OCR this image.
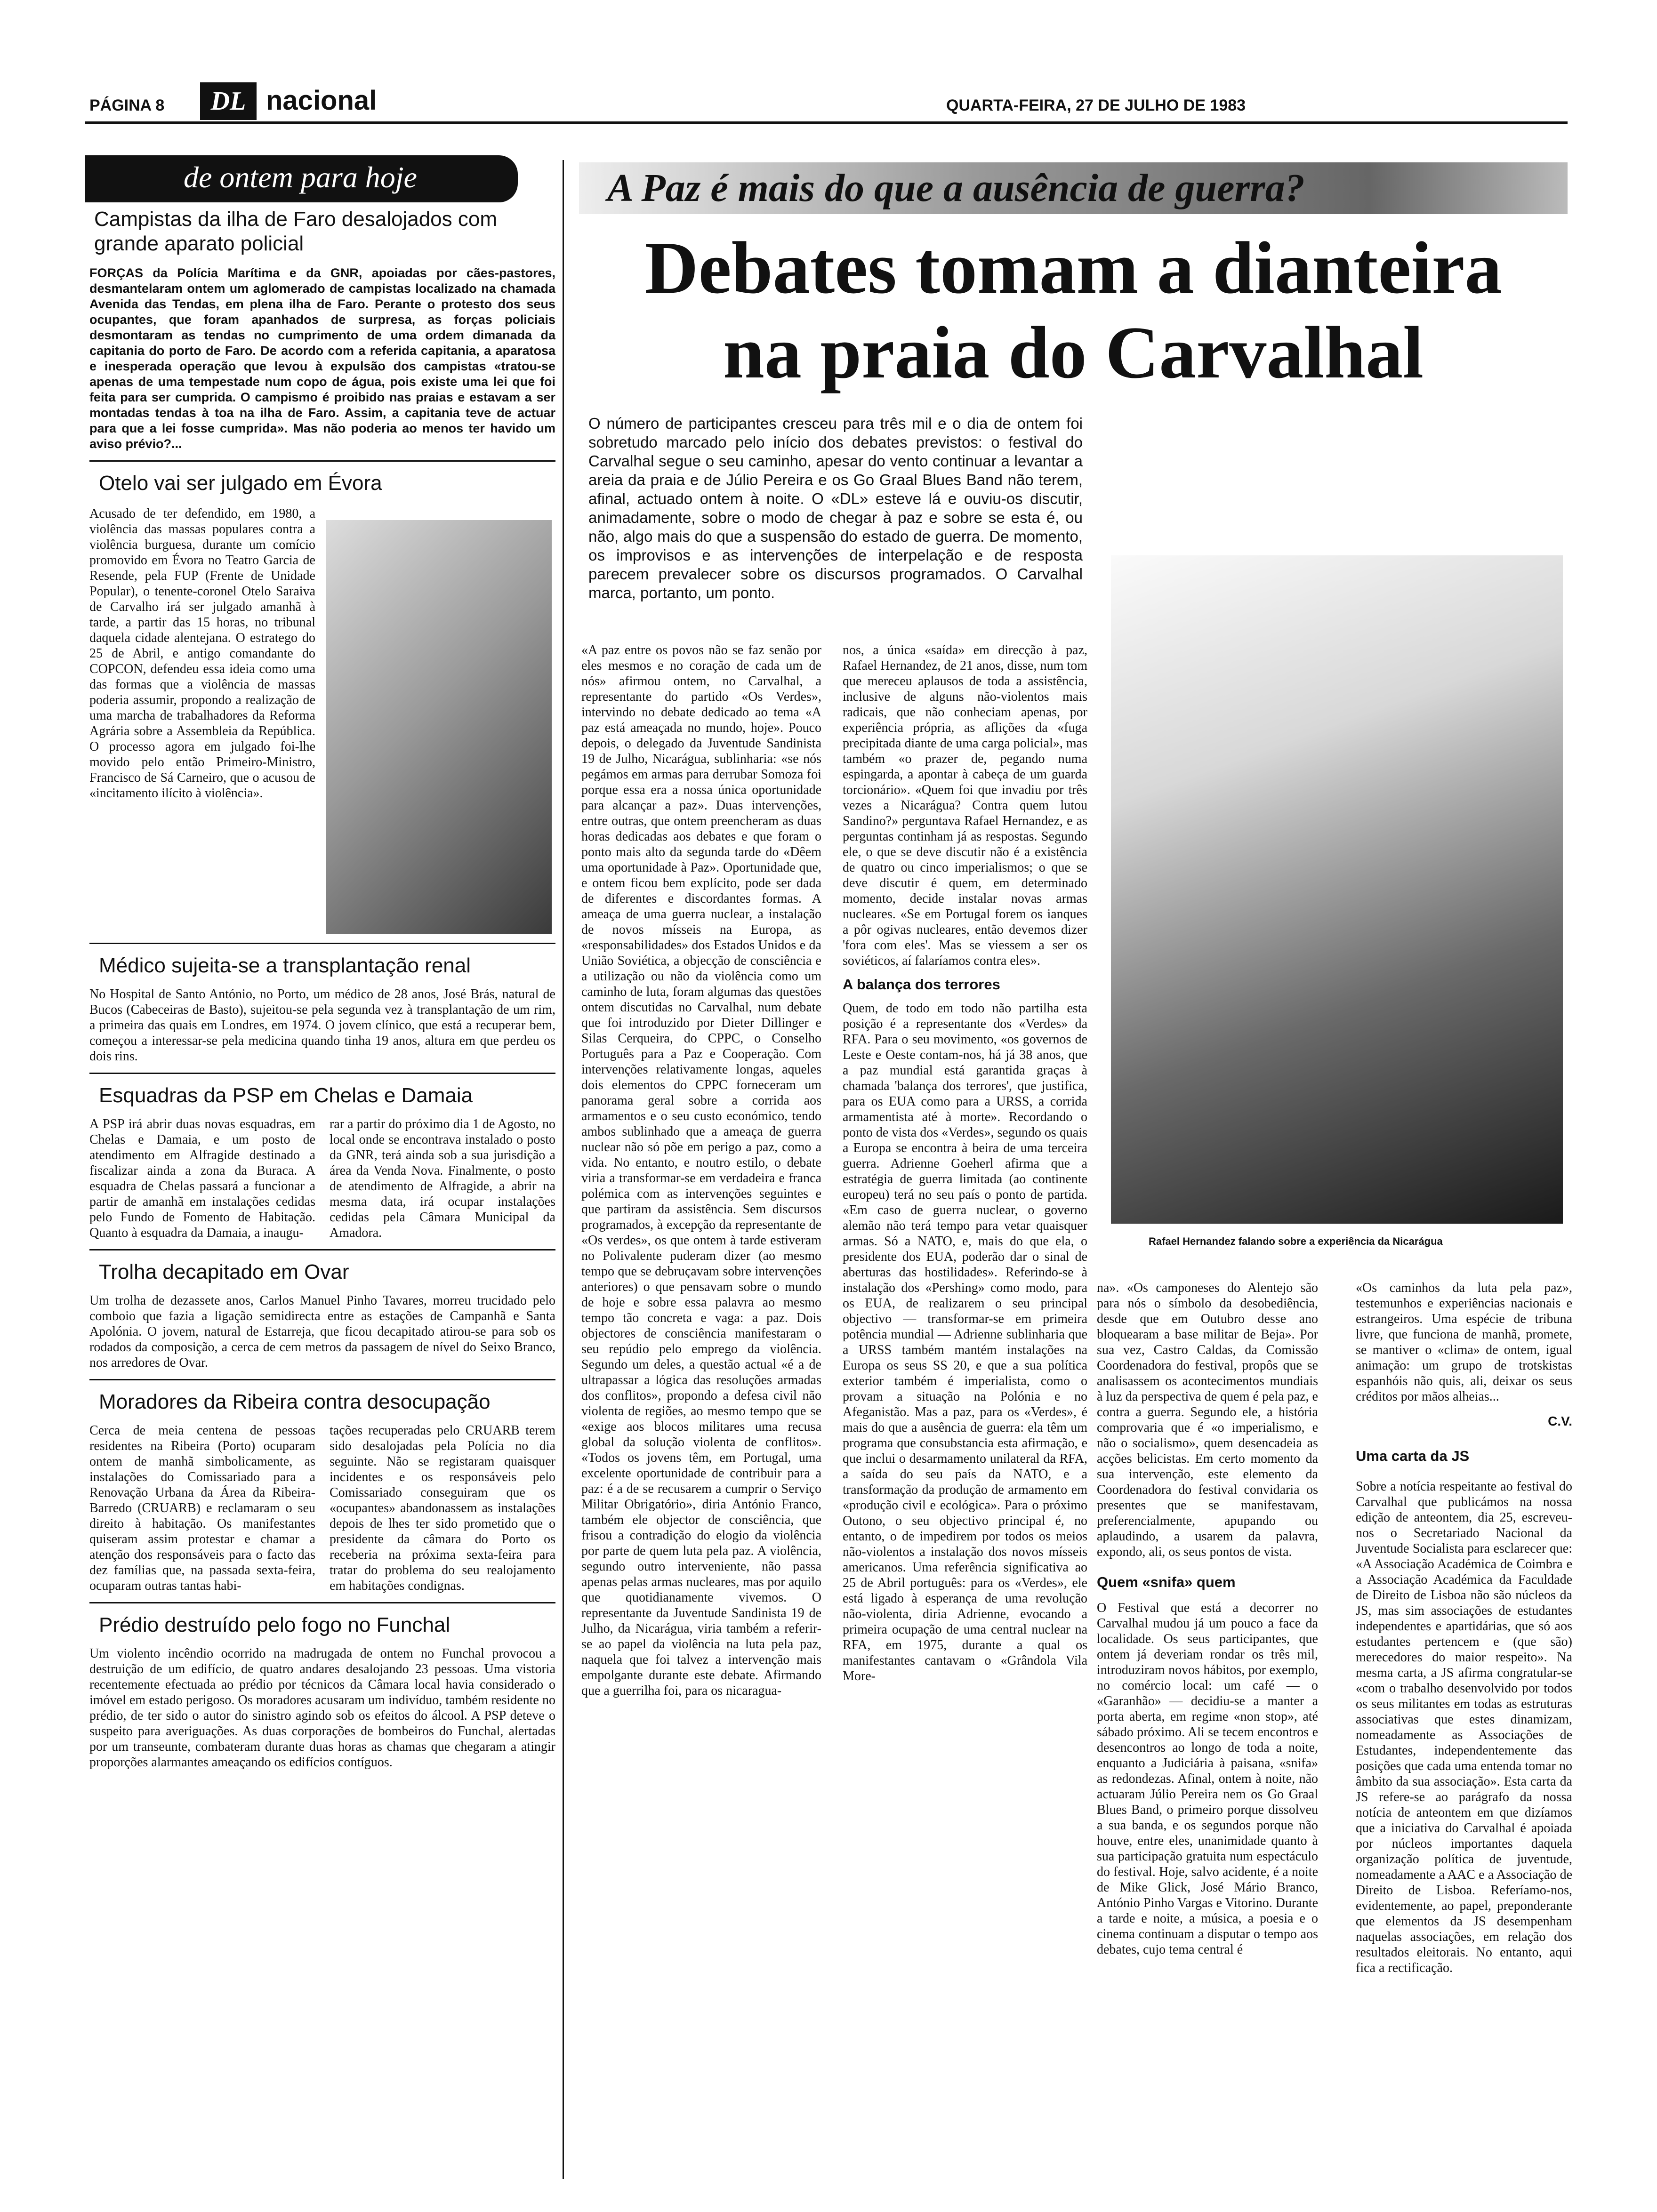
PÁGINA 8	DL nacional	QUARTA-FEIRA, 27 DE JULHO DE 1983
de ontem para hoje
Campistas da ilha de Faro desalojados com grande aparato policial

FORÇAS da Polícia Marítima e da GNR, apoiadas por cães-pastores, desmantelaram ontem um aglomerado de campistas localizado na chamada Avenida das Tendas, em plena ilha de Faro. Perante o protesto dos seus ocupantes, que foram apanhados de surpresa, as forças policiais desmontaram as tendas no cumprimento de uma ordem dimanada da capitania do porto de Faro. De acordo com a referida capitania, a aparatosa e inesperada operação que levou à expulsão dos campistas «tratou-se apenas de uma tempestade num copo de água, pois existe uma lei que foi feita para ser cumprida. O campismo é proibido nas praias e estavam a ser montadas tendas à toa na ilha de Faro. Assim, a capitania teve de actuar para que a lei fosse cumprida». Mas não poderia ao menos ter havido um aviso prévio?...

Otelo vai ser julgado em Évora

Acusado de ter defendido, em 1980, a violência das massas populares contra a violência burguesa, durante um comício promovido em Évora no Teatro Garcia de Resende, pela FUP (Frente de Unidade Popular), o tenente-coronel Otelo Saraiva de Carvalho irá ser julgado amanhã à tarde, a partir das 15 horas, no tribunal daquela cidade alentejana. O estratego do 25 de Abril, e antigo comandante do COPCON, defendeu essa ideia como uma das formas que a violência de massas poderia assumir, propondo a realização de uma marcha de trabalhadores da Reforma Agrária sobre a Assembleia da República. O processo agora em julgado foi-lhe movido pelo então Primeiro-Ministro, Francisco de Sá Carneiro, que o acusou de «incitamento ilícito à violência».

Médico sujeita-se a transplantação renal

No Hospital de Santo António, no Porto, um médico de 28 anos, José Brás, natural de Bucos (Cabeceiras de Basto), sujeitou-se pela segunda vez à transplantação de um rim, a primeira das quais em Londres, em 1974. O jovem clínico, que está a recuperar bem, começou a interessar-se pela medicina quando tinha 19 anos, altura em que perdeu os dois rins.

Esquadras da PSP em Chelas e Damaia

A PSP irá abrir duas novas esquadras, em Chelas e Damaia, e um posto de atendimento em Alfragide destinado a fiscalizar ainda a zona da Buraca. A esquadra de Chelas passará a funcionar a partir de amanhã em instalações cedidas pelo Fundo de Fomento de Habitação. Quanto à esquadra da Damaia, a inaugu-

rar a partir do próximo dia 1 de Agosto, no local onde se encontrava instalado o posto da GNR, terá ainda sob a sua jurisdição a área da Venda Nova. Finalmente, o posto de atendimento de Alfragide, a abrir na mesma data, irá ocupar instalações cedidas pela Câmara Municipal da Amadora.

Trolha decapitado em Ovar

Um trolha de dezassete anos, Carlos Manuel Pinho Tavares, morreu trucidado pelo comboio que fazia a ligação semidirecta entre as estações de Campanhã e Santa Apolónia. O jovem, natural de Estarreja, que ficou decapitado atirou-se para sob os rodados da composição, a cerca de cem metros da passagem de nível do Seixo Branco, nos arredores de Ovar.

Moradores da Ribeira contra desocupação

Cerca de meia centena de pessoas residentes na Ribeira (Porto) ocuparam ontem de manhã simbolicamente, as instalações do Comissariado para a Renovação Urbana da Área da Ribeira-Barredo (CRUARB) e reclamaram o seu direito à habitação. Os manifestantes quiseram assim protestar e chamar a atenção dos responsáveis para o facto das dez famílias que, na passada sexta-feira, ocuparam outras tantas habi-

tações recuperadas pelo CRUARB terem sido desalojadas pela Polícia no dia seguinte. Não se registaram quaisquer incidentes e os responsáveis pelo Comissariado conseguiram que os «ocupantes» abandonassem as instalações depois de lhes ter sido prometido que o presidente da câmara do Porto os receberia na próxima sexta-feira para tratar do problema do seu realojamento em habitações condignas.

Prédio destruído pelo fogo no Funchal

Um violento incêndio ocorrido na madrugada de ontem no Funchal provocou a destruição de um edifício, de quatro andares desalojando 23 pessoas. Uma vistoria recentemente efectuada ao prédio por técnicos da Câmara local havia considerado o imóvel em estado perigoso. Os moradores acusaram um indivíduo, também residente no prédio, de ter sido o autor do sinistro agindo sob os efeitos do álcool. A PSP deteve o suspeito para averiguações. As duas corporações de bombeiros do Funchal, alertadas por um transeunte, combateram durante duas horas as chamas que chegaram a atingir proporções alarmantes ameaçando os edifícios contíguos.

A Paz é mais do que a ausência de guerra?
Debates tomam a dianteira
na praia do Carvalhal

O número de participantes cresceu para três mil e o dia de ontem foi sobretudo marcado pelo início dos debates previstos: o festival do Carvalhal segue o seu caminho, apesar do vento continuar a levantar a areia da praia e de Júlio Pereira e os Go Graal Blues Band não terem, afinal, actuado ontem à noite. O «DL» esteve lá e ouviu-os discutir, animadamente, sobre o modo de chegar à paz e sobre se esta é, ou não, algo mais do que a suspensão do estado de guerra. De momento, os improvisos e as intervenções de interpelação e de resposta parecem prevalecer sobre os discursos programados. O Carvalhal marca, portanto, um ponto.

Rafael Hernandez falando sobre a experiência da Nicarágua

«A paz entre os povos não se faz senão por eles mesmos e no coração de cada um de nós» afirmou ontem, no Carvalhal, a representante do partido «Os Verdes», intervindo no debate dedicado ao tema «A paz está ameaçada no mundo, hoje». Pouco depois, o delegado da Juventude Sandinista 19 de Julho, Nicarágua, sublinharia: «se nós pegámos em armas para derrubar Somoza foi porque essa era a nossa única oportunidade para alcançar a paz». Duas intervenções, entre outras, que ontem preencheram as duas horas dedicadas aos debates e que foram o ponto mais alto da segunda tarde do «Dêem uma oportunidade à Paz». Oportunidade que, e ontem ficou bem explícito, pode ser dada de diferentes e discordantes formas. A ameaça de uma guerra nuclear, a instalação de novos mísseis na Europa, as «responsabilidades» dos Estados Unidos e da União Soviética, a objecção de consciência e a utilização ou não da violência como um caminho de luta, foram algumas das questões ontem discutidas no Carvalhal, num debate que foi introduzido por Dieter Dillinger e Silas Cerqueira, do CPPC, o Conselho Português para a Paz e Cooperação. Com intervenções relativamente longas, aqueles dois elementos do CPPC forneceram um panorama geral sobre a corrida aos armamentos e o seu custo económico, tendo ambos sublinhado que a ameaça de guerra nuclear não só põe em perigo a paz, como a vida. No entanto, e noutro estilo, o debate viria a transformar-se em verdadeira e franca polémica com as intervenções seguintes e que partiram da assistência. Sem discursos programados, à excepção da representante de «Os verdes», os que ontem à tarde estiveram no Polivalente puderam dizer (ao mesmo tempo que se debruçavam sobre intervenções anteriores) o que pensavam sobre o mundo de hoje e sobre essa palavra ao mesmo tempo tão concreta e vaga: a paz. Dois objectores de consciência manifestaram o seu repúdio pelo emprego da violência. Segundo um deles, a questão actual «é a de ultrapassar a lógica das resoluções armadas dos conflitos», propondo a defesa civil não violenta de regiões, ao mesmo tempo que se «exige aos blocos militares uma recusa global da solução violenta de conflitos». «Todos os jovens têm, em Portugal, uma excelente oportunidade de contribuir para a paz: é a de se recusarem a cumprir o Serviço Militar Obrigatório», diria António Franco, também ele objector de consciência, que frisou a contradição do elogio da violência por parte de quem luta pela paz. A violência, segundo outro interveniente, não passa apenas pelas armas nucleares, mas por aquilo que quotidianamente vivemos. O representante da Juventude Sandinista 19 de Julho, da Nicarágua, viria também a referir-se ao papel da violência na luta pela paz, naquela que foi talvez a intervenção mais empolgante durante este debate. Afirmando que a guerrilha foi, para os nicaragua-

nos, a única «saída» em direcção à paz, Rafael Hernandez, de 21 anos, disse, num tom que mereceu aplausos de toda a assistência, inclusive de alguns não-violentos mais radicais, que não conheciam apenas, por experiência própria, as aflições da «fuga precipitada diante de uma carga policial», mas também «o prazer de, pegando numa espingarda, a apontar à cabeça de um guarda torcionário». «Quem foi que invadiu por três vezes a Nicarágua? Contra quem lutou Sandino?» perguntava Rafael Hernandez, e as perguntas continham já as respostas. Segundo ele, o que se deve discutir não é a existência de quatro ou cinco imperialismos; o que se deve discutir é quem, em determinado momento, decide instalar novas armas nucleares. «Se em Portugal forem os ianques a pôr ogivas nucleares, então devemos dizer 'fora com eles'. Mas se viessem a ser os soviéticos, aí falaríamos contra eles».

A balança dos terrores

Quem, de todo em todo não partilha esta posição é a representante dos «Verdes» da RFA. Para o seu movimento, «os governos de Leste e Oeste contam-nos, há já 38 anos, que a paz mundial está garantida graças à chamada 'balança dos terrores', que justifica, para os EUA como para a URSS, a corrida armamentista até à morte». Recordando o ponto de vista dos «Verdes», segundo os quais a Europa se encontra à beira de uma terceira guerra. Adrienne Goeherl afirma que a estratégia de guerra limitada (ao continente europeu) terá no seu país o ponto de partida. «Em caso de guerra nuclear, o governo alemão não terá tempo para vetar quaisquer armas. Só a NATO, e, mais do que ela, o presidente dos EUA, poderão dar o sinal de aberturas das hostilidades». Referindo-se à instalação dos «Pershing» como modo, para os EUA, de realizarem o seu principal objectivo — transformar-se em primeira potência mundial — Adrienne sublinharia que a URSS também mantém instalações na Europa os seus SS 20, e que a sua política exterior também é imperialista, como o provam a situação na Polónia e no Afeganistão. Mas a paz, para os «Verdes», é mais do que a ausência de guerra: ela têm um programa que consubstancia esta afirmação, e que inclui o desarmamento unilateral da RFA, a saída do seu país da NATO, e a transformação da produção de armamento em «produção civil e ecológica». Para o próximo Outono, o seu objectivo principal é, no entanto, o de impedirem por todos os meios não-violentos a instalação dos novos mísseis americanos. Uma referência significativa ao 25 de Abril português: para os «Verdes», ele está ligado à esperança de uma revolução não-violenta, diria Adrienne, evocando a primeira ocupação de uma central nuclear na RFA, em 1975, durante a qual os manifestantes cantavam o «Grândola Vila More-

na». «Os camponeses do Alentejo são para nós o símbolo da desobediência, desde que em Outubro desse ano bloquearam a base militar de Beja». Por sua vez, Castro Caldas, da Comissão Coordenadora do festival, propôs que se analisassem os acontecimentos mundiais à luz da perspectiva de quem é pela paz, e contra a guerra. Segundo ele, a história comprovaria que é «o imperialismo, e não o socialismo», quem desencadeia as acções belicistas. Em certo momento da sua intervenção, este elemento da Coordenadora do festival convidaria os presentes que se manifestavam, preferencialmente, apupando ou aplaudindo, a usarem da palavra, expondo, ali, os seus pontos de vista.

Quem «snifa» quem

O Festival que está a decorrer no Carvalhal mudou já um pouco a face da localidade. Os seus participantes, que ontem já deveriam rondar os três mil, introduziram novos hábitos, por exemplo, no comércio local: um café — o «Garanhão» — decidiu-se a manter a porta aberta, em regime «non stop», até sábado próximo. Ali se tecem encontros e desencontros ao longo de toda a noite, enquanto a Judiciária à paisana, «snifa» as redondezas. Afinal, ontem à noite, não actuaram Júlio Pereira nem os Go Graal Blues Band, o primeiro porque dissolveu a sua banda, e os segundos porque não houve, entre eles, unanimidade quanto à sua participação gratuita num espectáculo do festival. Hoje, salvo acidente, é a noite de Mike Glick, José Mário Branco, António Pinho Vargas e Vitorino. Durante a tarde e noite, a música, a poesia e o cinema continuam a disputar o tempo aos debates, cujo tema central é

«Os caminhos da luta pela paz», testemunhos e experiências nacionais e estrangeiros. Uma espécie de tribuna livre, que funciona de manhã, promete, se mantiver o «clima» de ontem, igual animação: um grupo de trotskistas espanhóis não quis, ali, deixar os seus créditos por mãos alheias...

C.V.
Uma carta da JS

Sobre a notícia respeitante ao festival do Carvalhal que publicámos na nossa edição de anteontem, dia 25, escreveu-nos o Secretariado Nacional da Juventude Socialista para esclarecer que: «A Associação Académica de Coimbra e a Associação Académica da Faculdade de Direito de Lisboa não são núcleos da JS, mas sim associações de estudantes independentes e apartidárias, que só aos estudantes pertencem e (que são) merecedores do maior respeito». Na mesma carta, a JS afirma congratular-se «com o trabalho desenvolvido por todos os seus militantes em todas as estruturas associativas que estes dinamizam, nomeadamente as Associações de Estudantes, independentemente das posições que cada uma entenda tomar no âmbito da sua associação». Esta carta da JS refere-se ao parágrafo da nossa notícia de anteontem em que dizíamos que a iniciativa do Carvalhal é apoiada por núcleos importantes daquela organização política de juventude, nomeadamente a AAC e a Associação de Direito de Lisboa. Referíamo-nos, evidentemente, ao papel, preponderante que elementos da JS desempenham naquelas associações, em relação dos resultados eleitorais. No entanto, aqui fica a rectificação.
